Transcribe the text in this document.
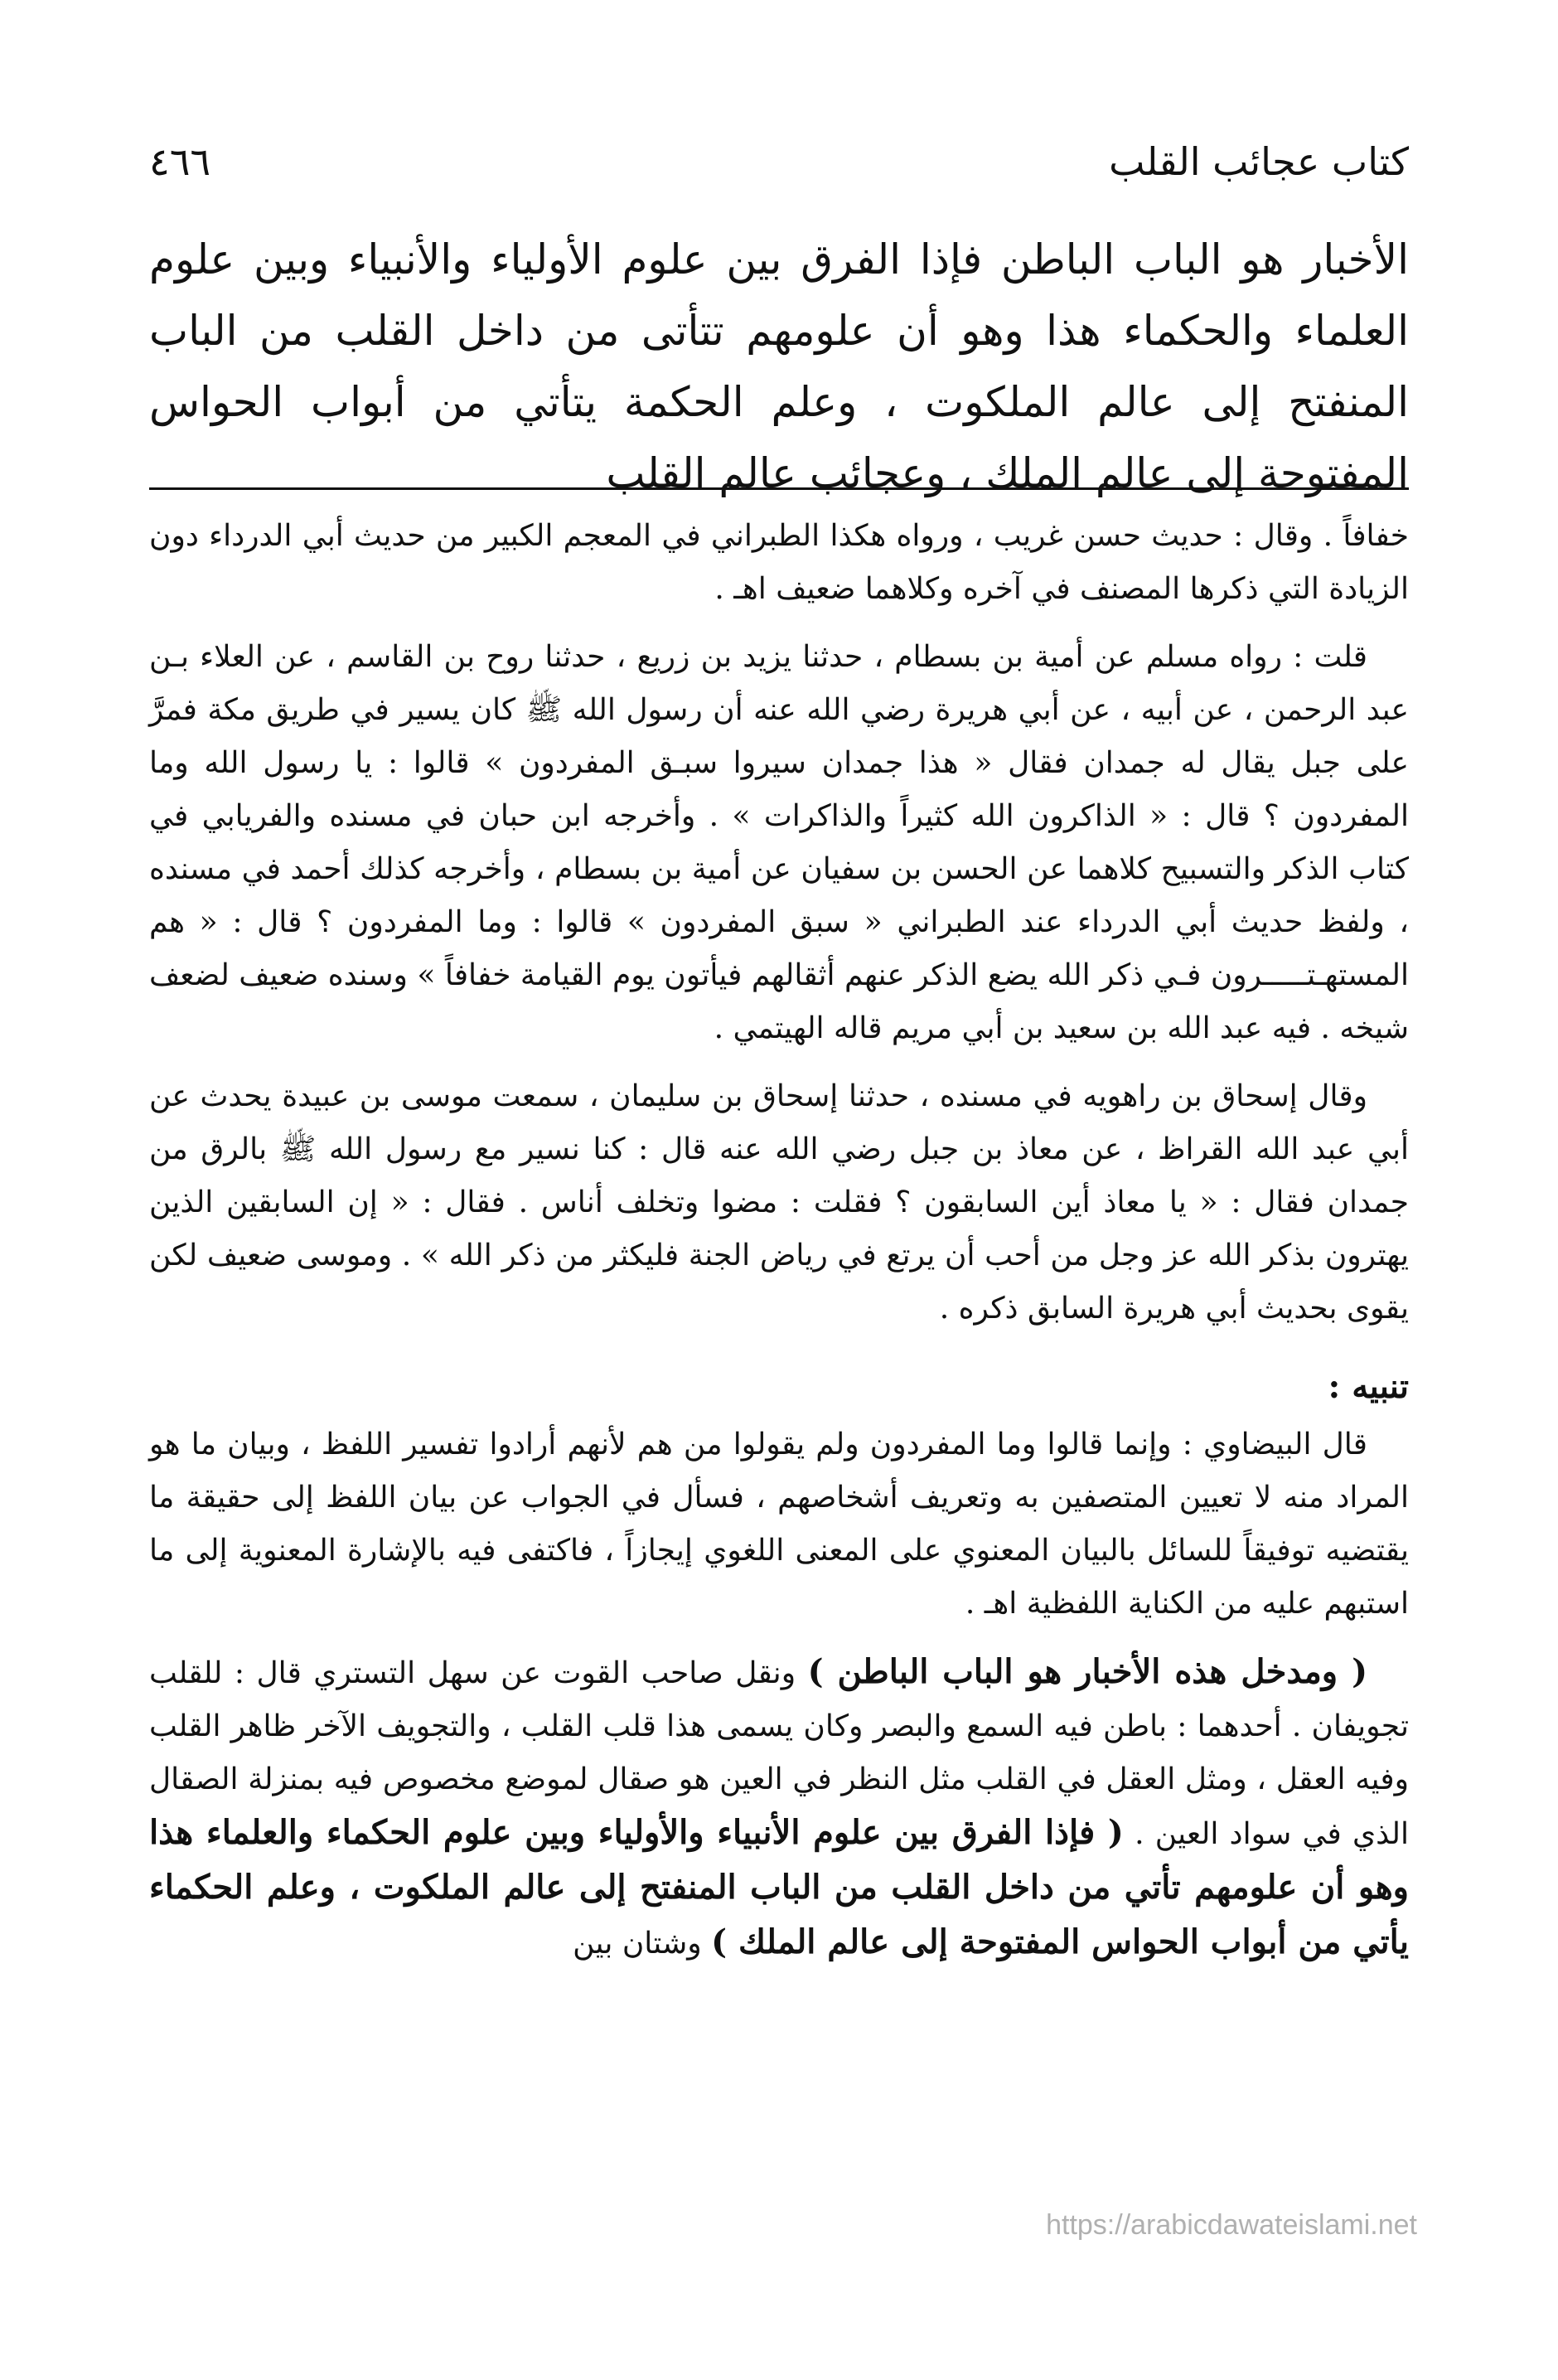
كتاب عجائب القلب
٤٦٦

الأخبار هو الباب الباطن فإذا الفرق بين علوم الأولياء والأنبياء وبين علوم العلماء والحكماء هذا وهو أن علومهم تتأتى من داخل القلب من الباب المنفتح إلى عالم الملكوت ، وعلم الحكمة يتأتي من أبواب الحواس المفتوحة إلى عالم الملك ، وعجائب عالم القلب

خفافاً . وقال : حديث حسن غريب ، ورواه هكذا الطبراني في المعجم الكبير من حديث أبي الدرداء دون الزيادة التي ذكرها المصنف في آخره وكلاهما ضعيف اهـ .

قلت : رواه مسلم عن أمية بن بسطام ، حدثنا يزيد بن زريع ، حدثنا روح بن القاسم ، عن العلاء بـن عبد الرحمن ، عن أبيه ، عن أبي هريرة رضي الله عنه أن رسول الله ﷺ كان يسير في طريق مكة فمرَّ على جبل يقال له جمدان فقال « هذا جمدان سيروا سبـق المفردون » قالوا : يا رسول الله وما المفردون ؟ قال : « الذاكرون الله كثيراً والذاكرات » . وأخرجه ابن حبان في مسنده والفريابي في كتاب الذكر والتسبيح كلاهما عن الحسن بن سفيان عن أمية بن بسطام ، وأخرجه كذلك أحمد في مسنده ، ولفظ حديث أبي الدرداء عند الطبراني « سبق المفردون » قالوا : وما المفردون ؟ قال : « هم المستهـتـــــرون فـي ذكر الله يضع الذكر عنهم أثقالهم فيأتون يوم القيامة خفافاً » وسنده ضعيف لضعف شيخه . فيه عبد الله بن سعيد بن أبي مريم قاله الهيتمي .

وقال إسحاق بن راهويه في مسنده ، حدثنا إسحاق بن سليمان ، سمعت موسى بن عبيدة يحدث عن أبي عبد الله القراظ ، عن معاذ بن جبل رضي الله عنه قال : كنا نسير مع رسول الله ﷺ بالرق من جمدان فقال : « يا معاذ أين السابقون ؟ فقلت : مضوا وتخلف أناس . فقال : « إن السابقين الذين يهترون بذكر الله عز وجل من أحب أن يرتع في رياض الجنة فليكثر من ذكر الله » . وموسى ضعيف لكن يقوى بحديث أبي هريرة السابق ذكره .

تنبيه :

قال البيضاوي : وإنما قالوا وما المفردون ولم يقولوا من هم لأنهم أرادوا تفسير اللفظ ، وبيان ما هو المراد منه لا تعيين المتصفين به وتعريف أشخاصهم ، فسأل في الجواب عن بيان اللفظ إلى حقيقة ما يقتضيه توفيقاً للسائل بالبيان المعنوي على المعنى اللغوي إيجازاً ، فاكتفى فيه بالإشارة المعنوية إلى ما استبهم عليه من الكناية اللفظية اهـ .

( ومدخل هذه الأخبار هو الباب الباطن ) ونقل صاحب القوت عن سهل التستري قال : للقلب تجويفان . أحدهما : باطن فيه السمع والبصر وكان يسمى هذا قلب القلب ، والتجويف الآخر ظاهر القلب وفيه العقل ، ومثل العقل في القلب مثل النظر في العين هو صقال لموضع مخصوص فيه بمنزلة الصقال الذي في سواد العين . ( فإذا الفرق بين علوم الأنبياء والأولياء وبين علوم الحكماء والعلماء هذا وهو أن علومهم تأتي من داخل القلب من الباب المنفتح إلى عالم الملكوت ، وعلم الحكماء يأتي من أبواب الحواس المفتوحة إلى عالم الملك ) وشتان بين

https://arabicdawateislami.net
